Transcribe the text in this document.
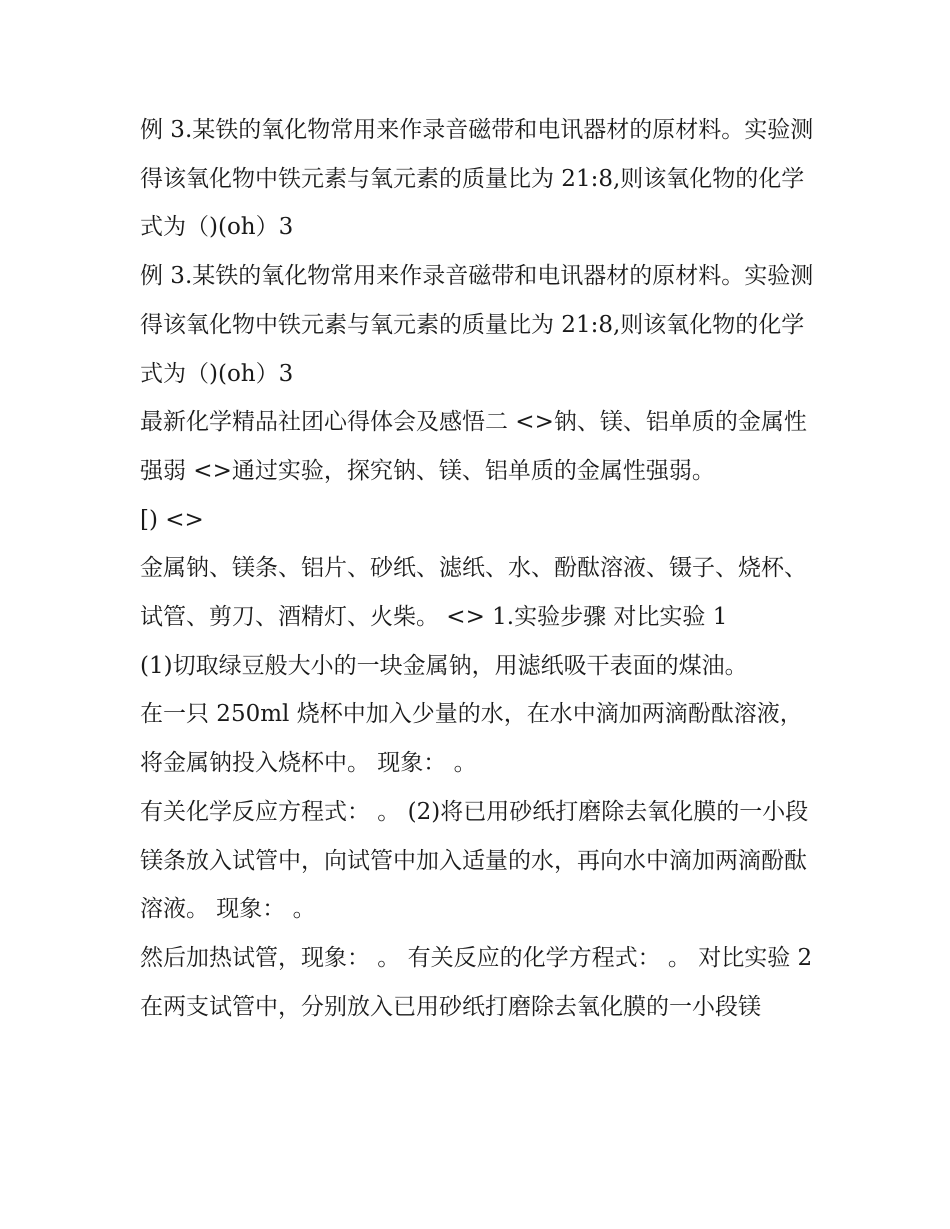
例 3.某铁的氧化物常用来作录音磁带和电讯器材的原材料。实验测得该氧化物中铁元素与氧元素的质量比为 21:8,则该氧化物的化学式为（)(oh）3

例 3.某铁的氧化物常用来作录音磁带和电讯器材的原材料。实验测得该氧化物中铁元素与氧元素的质量比为 21:8,则该氧化物的化学式为（)(oh）3

最新化学精品社团心得体会及感悟二 <>钠、镁、铝单质的金属性强弱 <>通过实验，探究钠、镁、铝单质的金属性强弱。

[) <>

金属钠、镁条、铝片、砂纸、滤纸、水、酚酞溶液、镊子、烧杯、试管、剪刀、酒精灯、火柴。 <> 1.实验步骤 对比实验 1

(1)切取绿豆般大小的一块金属钠，用滤纸吸干表面的煤油。

在一只 250ml 烧杯中加入少量的水，在水中滴加两滴酚酞溶液，将金属钠投入烧杯中。 现象： 。

有关化学反应方程式： 。 (2)将已用砂纸打磨除去氧化膜的一小段镁条放入试管中，向试管中加入适量的水，再向水中滴加两滴酚酞溶液。 现象： 。

然后加热试管，现象： 。 有关反应的化学方程式： 。 对比实验 2

在两支试管中，分别放入已用砂纸打磨除去氧化膜的一小段镁
